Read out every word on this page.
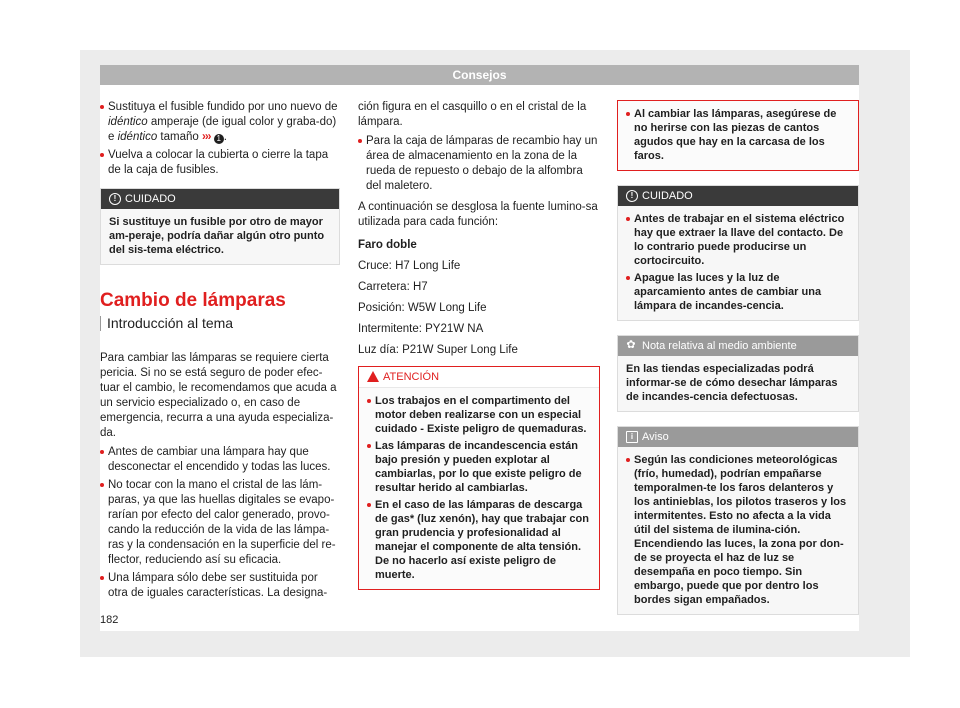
Consejos

Sustituya el fusible fundido por uno nuevo de idéntico amperaje (de igual color y graba-do) e idéntico tamaño ››› 1 .

Vuelva a colocar la cubierta o cierre la tapa de la caja de fusibles.

! CUIDADO
Si sustituye un fusible por otro de mayor am-peraje, podría dañar algún otro punto del sis-tema eléctrico.
Cambio de lámparas
Introducción al tema

Para cambiar las lámparas se requiere cierta pericia. Si no se está seguro de poder efec-tuar el cambio, le recomendamos que acuda a un servicio especializado o, en caso de emergencia, recurra a una ayuda especializa-da.

Antes de cambiar una lámpara hay que desconectar el encendido y todas las luces.

No tocar con la mano el cristal de las lám-paras, ya que las huellas digitales se evapo-rarían por efecto del calor generado, provo-cando la reducción de la vida de las lámpa-ras y la condensación en la superficie del re-flector, reduciendo así su eficacia.

Una lámpara sólo debe ser sustituida por otra de iguales características. La designa-

ción figura en el casquillo o en el cristal de la lámpara.

Para la caja de lámparas de recambio hay un área de almacenamiento en la zona de la rueda de repuesto o debajo de la alfombra del maletero.

A continuación se desglosa la fuente lumino-sa utilizada para cada función:

Faro doble

Cruce: H7 Long Life

Carretera: H7

Posición: W5W Long Life

Intermitente: PY21W NA

Luz día: P21W Super Long Life

ATENCIÓN

Los trabajos en el compartimento del motor deben realizarse con un especial cuidado - Existe peligro de quemaduras.

Las lámparas de incandescencia están bajo presión y pueden explotar al cambiarlas, por lo que existe peligro de resultar herido al cambiarlas.

En el caso de las lámparas de descarga de gas* (luz xenón), hay que trabajar con gran prudencia y profesionalidad al manejar el componente de alta tensión. De no hacerlo así existe peligro de muerte.

Al cambiar las lámparas, asegúrese de no herirse con las piezas de cantos agudos que hay en la carcasa de los faros.

! CUIDADO

Antes de trabajar en el sistema eléctrico hay que extraer la llave del contacto. De lo contrario puede producirse un cortocircuito.

Apague las luces y la luz de aparcamiento antes de cambiar una lámpara de incandes-cencia.

✿ Nota relativa al medio ambiente
En las tiendas especializadas podrá informar-se de cómo desechar lámparas de incandes-cencia defectuosas.
i Aviso

Según las condiciones meteorológicas (frío, humedad), podrían empañarse temporalmen-te los faros delanteros y los antinieblas, los pilotos traseros y los intermitentes. Esto no afecta a la vida útil del sistema de ilumina-ción. Encendiendo las luces, la zona por don-de se proyecta el haz de luz se desempaña en poco tiempo. Sin embargo, puede que por dentro los bordes sigan empañados.

182
